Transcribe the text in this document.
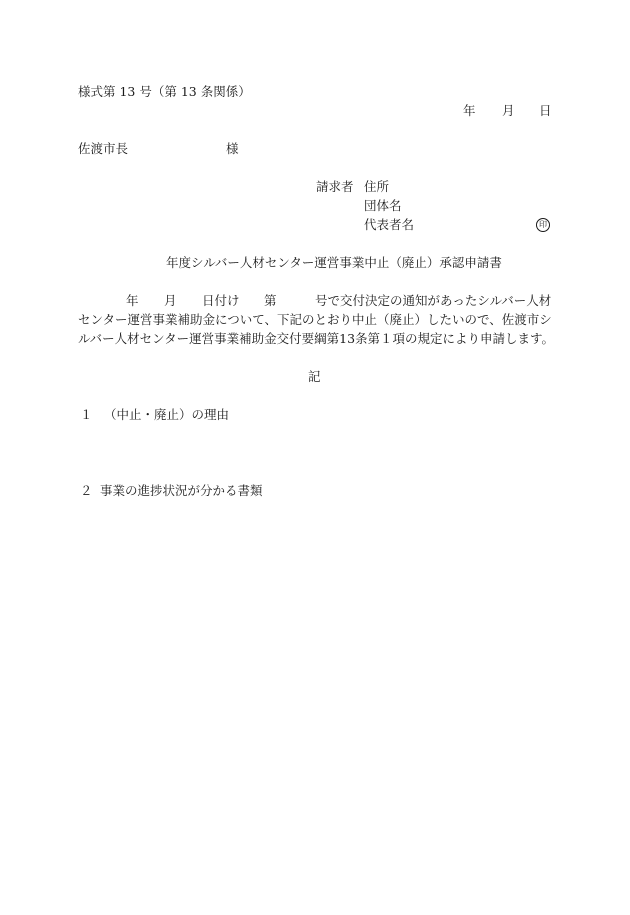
様式第 13 号（第 13 条関係）
年 月 日
佐渡市長	様
請求者 住所
団体名
代表者名	印
年度シルバー人材センター運営事業中止（廃止）承認申請書
年 月 日付け 第	号で交付決定の通知があったシルバー人材
センター運営事業補助金について、下記のとおり中止（廃止）したいので、佐渡市シ
ルバー人材センター運営事業補助金交付要綱第13条第１項の規定により申請します。
記
１ （中止・廃止）の理由
２ 事業の進捗状況が分かる書類
